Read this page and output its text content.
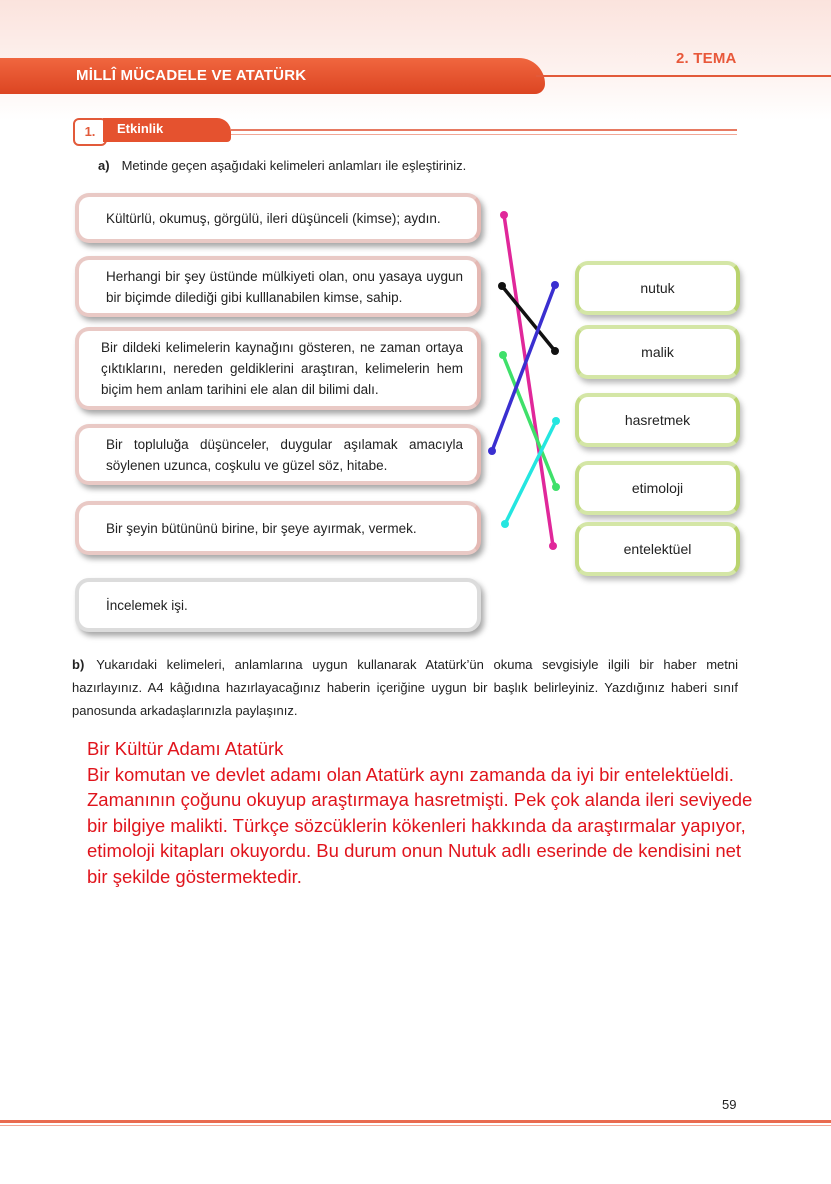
2. TEMA
MİLLÎ MÜCADELE VE ATATÜRK
1.	Etkinlik
a) Metinde geçen aşağıdaki kelimeleri anlamları ile eşleştiriniz.
Kültürlü, okumuş, görgülü, ileri düşünceli (kimse); aydın.
Herhangi bir şey üstünde mülkiyeti olan, onu yasaya uygun bir biçimde dilediği gibi kulllanabilen kimse, sahip.
Bir dildeki kelimelerin kaynağını gösteren, ne zaman ortaya çıktıklarını, nereden geldiklerini araştıran, kelimelerin hem biçim hem anlam tarihini ele alan dil bilimi dalı.
Bir topluluğa düşünceler, duygular aşılamak amacıyla söylenen uzunca, coşkulu ve güzel söz, hitabe.
Bir şeyin bütününü birine, bir şeye ayırmak, vermek.
İncelemek işi.
nutuk
malik
hasretmek
etimoloji
entelektüel
b) Yukarıdaki kelimeleri, anlamlarına uygun kullanarak Atatürk’ün okuma sevgisiyle ilgili bir haber metni hazırlayınız. A4 kâğıdına hazırlayacağınız haberin içeriğine uygun bir başlık belirleyiniz. Yazdığınız haberi sınıf panosunda arkadaşlarınızla paylaşınız.
Bir Kültür Adamı Atatürk
Bir komutan ve devlet adamı olan Atatürk aynı zamanda da iyi bir entelektüeldi.
Zamanının çoğunu okuyup araştırmaya hasretmişti. Pek çok alanda ileri seviyede
bir bilgiye malikti. Türkçe sözcüklerin kökenleri hakkında da araştırmalar yapıyor,
etimoloji kitapları okuyordu. Bu durum onun Nutuk adlı eserinde de kendisini net
bir şekilde göstermektedir.
59
